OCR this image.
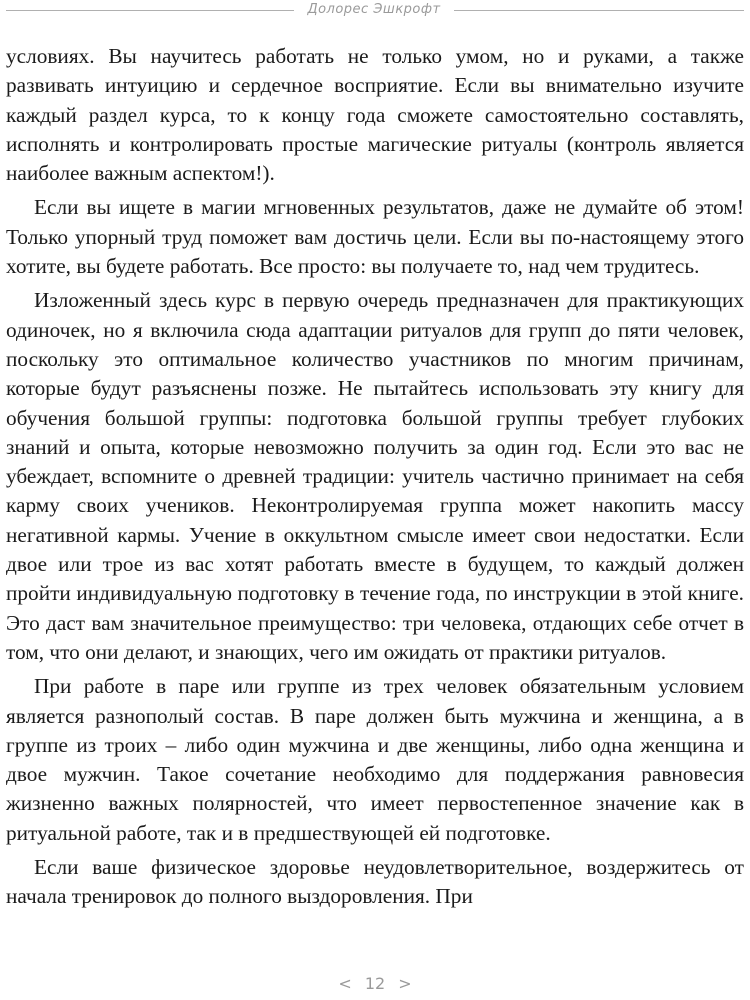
Долорес Эшкрофт

условиях. Вы научитесь работать не только умом, но и руками, а также развивать интуицию и сердечное восприятие. Если вы внимательно изучите каждый раздел курса, то к концу года сможете самостоятельно составлять, исполнять и контролировать простые магические ритуалы (контроль является наиболее важным аспектом!).

Если вы ищете в магии мгновенных результатов, даже не думайте об этом! Только упорный труд поможет вам достичь цели. Если вы по-настоящему этого хотите, вы будете работать. Все просто: вы получаете то, над чем трудитесь.

Изложенный здесь курс в первую очередь предназначен для практикующих одиночек, но я включила сюда адаптации ритуалов для групп до пяти человек, поскольку это оптимальное количество участников по многим причинам, которые будут разъяснены позже. Не пытайтесь использовать эту книгу для обучения большой группы: подготовка большой группы требует глубоких знаний и опыта, которые невозможно получить за один год. Если это вас не убеждает, вспомните о древней традиции: учитель частично принимает на себя карму своих учеников. Неконтролируемая группа может накопить массу негативной кармы. Учение в оккультном смысле имеет свои недостатки. Если двое или трое из вас хотят работать вместе в будущем, то каждый должен пройти индивидуальную подготовку в течение года, по инструкции в этой книге. Это даст вам значительное преимущество: три человека, отдающих себе отчет в том, что они делают, и знающих, чего им ожидать от практики ритуалов.

При работе в паре или группе из трех человек обязательным условием является разнополый состав. В паре должен быть мужчина и женщина, а в группе из троих – либо один мужчина и две женщины, либо одна женщина и двое мужчин. Такое сочетание необходимо для поддержания равновесия жизненно важных полярностей, что имеет первостепенное значение как в ритуальной работе, так и в предшествующей ей подготовке.

Если ваше физическое здоровье неудовлетворительное, воздержитесь от начала тренировок до полного выздоровления. При

< 12 >
